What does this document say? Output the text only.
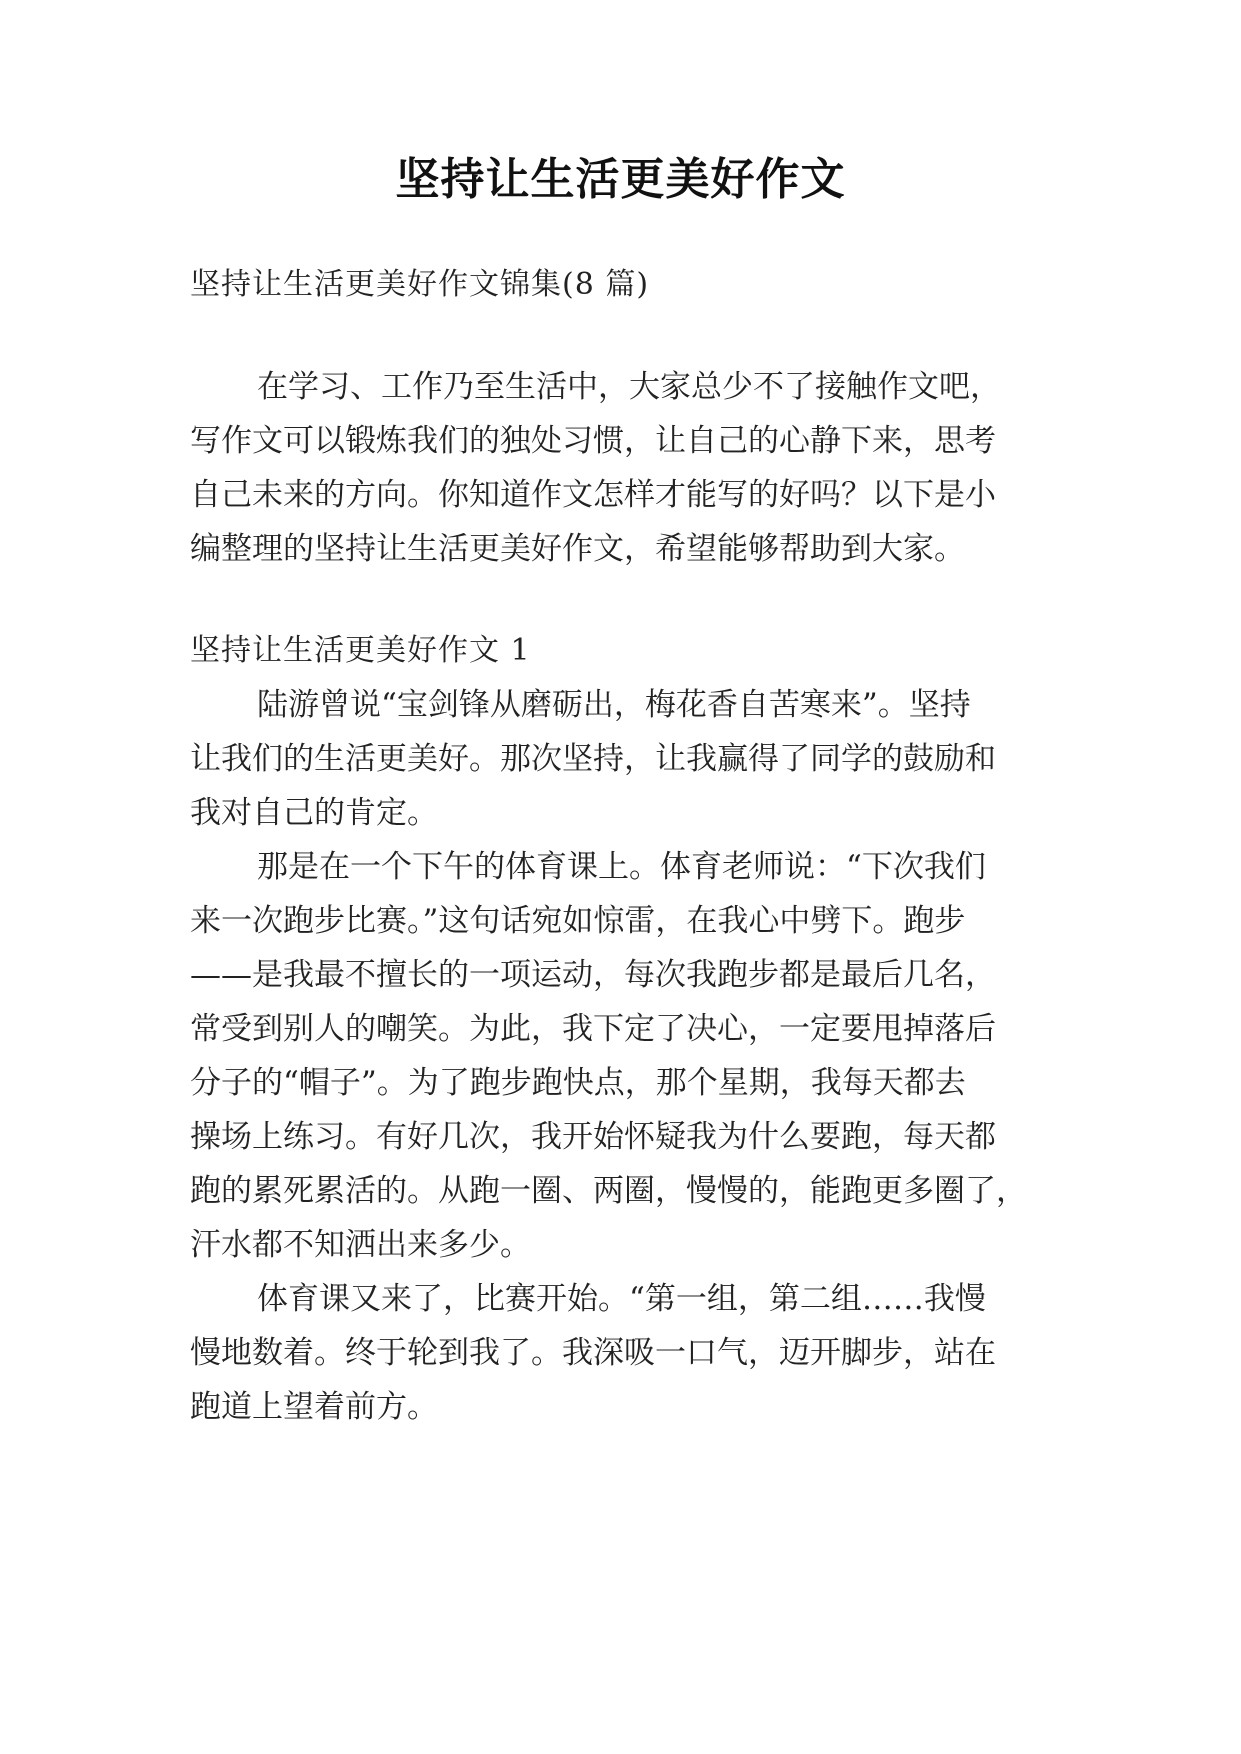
坚持让生活更美好作文
坚持让生活更美好作文锦集(8 篇)
在学习、工作乃至生活中，大家总少不了接触作文吧，
写作文可以锻炼我们的独处习惯，让自己的心静下来，思考
自己未来的方向。你知道作文怎样才能写的好吗？以下是小
编整理的坚持让生活更美好作文，希望能够帮助到大家。
坚持让生活更美好作文 1
陆游曾说“宝剑锋从磨砺出，梅花香自苦寒来”。坚持
让我们的生活更美好。那次坚持，让我赢得了同学的鼓励和
我对自己的肯定。
那是在一个下午的体育课上。体育老师说：“下次我们
来一次跑步比赛。”这句话宛如惊雷，在我心中劈下。跑步
——是我最不擅长的一项运动，每次我跑步都是最后几名，
常受到别人的嘲笑。为此，我下定了决心，一定要甩掉落后
分子的“帽子”。为了跑步跑快点，那个星期，我每天都去
操场上练习。有好几次，我开始怀疑我为什么要跑，每天都
跑的累死累活的。从跑一圈、两圈，慢慢的，能跑更多圈了，
汗水都不知洒出来多少。
体育课又来了，比赛开始。“第一组，第二组……我慢
慢地数着。终于轮到我了。我深吸一口气，迈开脚步，站在
跑道上望着前方。
